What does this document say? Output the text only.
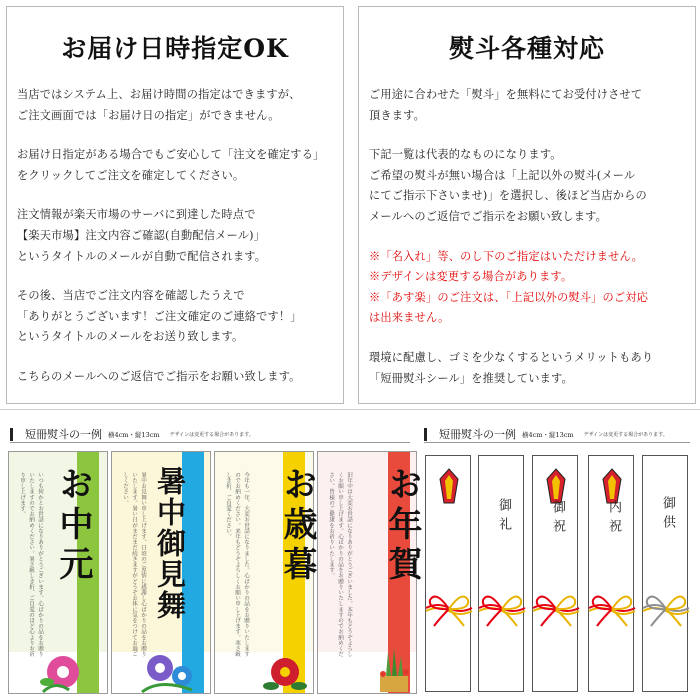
お届け日時指定OK

当店ではシステム上、お届け時間の指定はできますが、
ご注文画面では「お届け日の指定」ができません。

お届け日指定がある場合でもご安心して「注文を確定する」
をクリックしてご注文を確定してください。

注文情報が楽天市場のサーバに到達した時点で
【楽天市場】注文内容ご確認(自動配信メール)」
というタイトルのメールが自動で配信されます。

その後、当店でご注文内容を確認したうえで
「ありがとうございます！ご注文確定のご連絡です！」
というタイトルのメールをお送り致します。

こちらのメールへのご返信でご指示をお願い致します。

熨斗各種対応

ご用途に合わせた「熨斗」を無料にてお受付けさせて
頂きます。

下記一覧は代表的なものになります。
ご希望の熨斗が無い場合は「上記以外の熨斗(メール
にてご指示下さいませ)」を選択し、後ほど当店からの
メールへのご返信でご指示をお願い致します。

※「名入れ」等、のし下のご指定はいただけません。
※デザインは変更する場合があります。
※「あす楽」のご注文は、「上記以外の熨斗」のご対応
は出来ません。

環境に配慮し、ゴミを少なくするというメリットもあり
「短冊熨斗シール」を推奨しています。

短冊熨斗の一例 横4cm・縦13cm デザインは変更する場合があります。	短冊熨斗の一例 横4cm・縦13cm デザインは変更する場合があります。
お中元
いつも何かとお世話になりありがとうございます。心ばかりの品をお贈りいたしますのでお納めください。暑さ厳しき折、ご自愛のほど心よりお祈り申し上げます。	暑中御見舞
暑中お見舞い申し上げます。日頃のご厚情に感謝し心ばかりの品をお贈りいたします。暑い日がまだまだ続きますがどうぞお体に気をつけてお過ごしください。	お歳暮
今年も一年、大変お世話になりました。心ばかりの品をお贈りいたしますのでお納めください。来年もどうぞよろしくお願い申し上げます。寒さ厳しき折、ご自愛ください。	お年賀
旧年中は大変お世話になりありがとうございました。本年もどうぞよろしくお願い申し上げます。心ばかりの品をお贈りいたしますのでお納めください。皆様のご健康をお祈りいたします。	御礼	御祝	内祝	御供
